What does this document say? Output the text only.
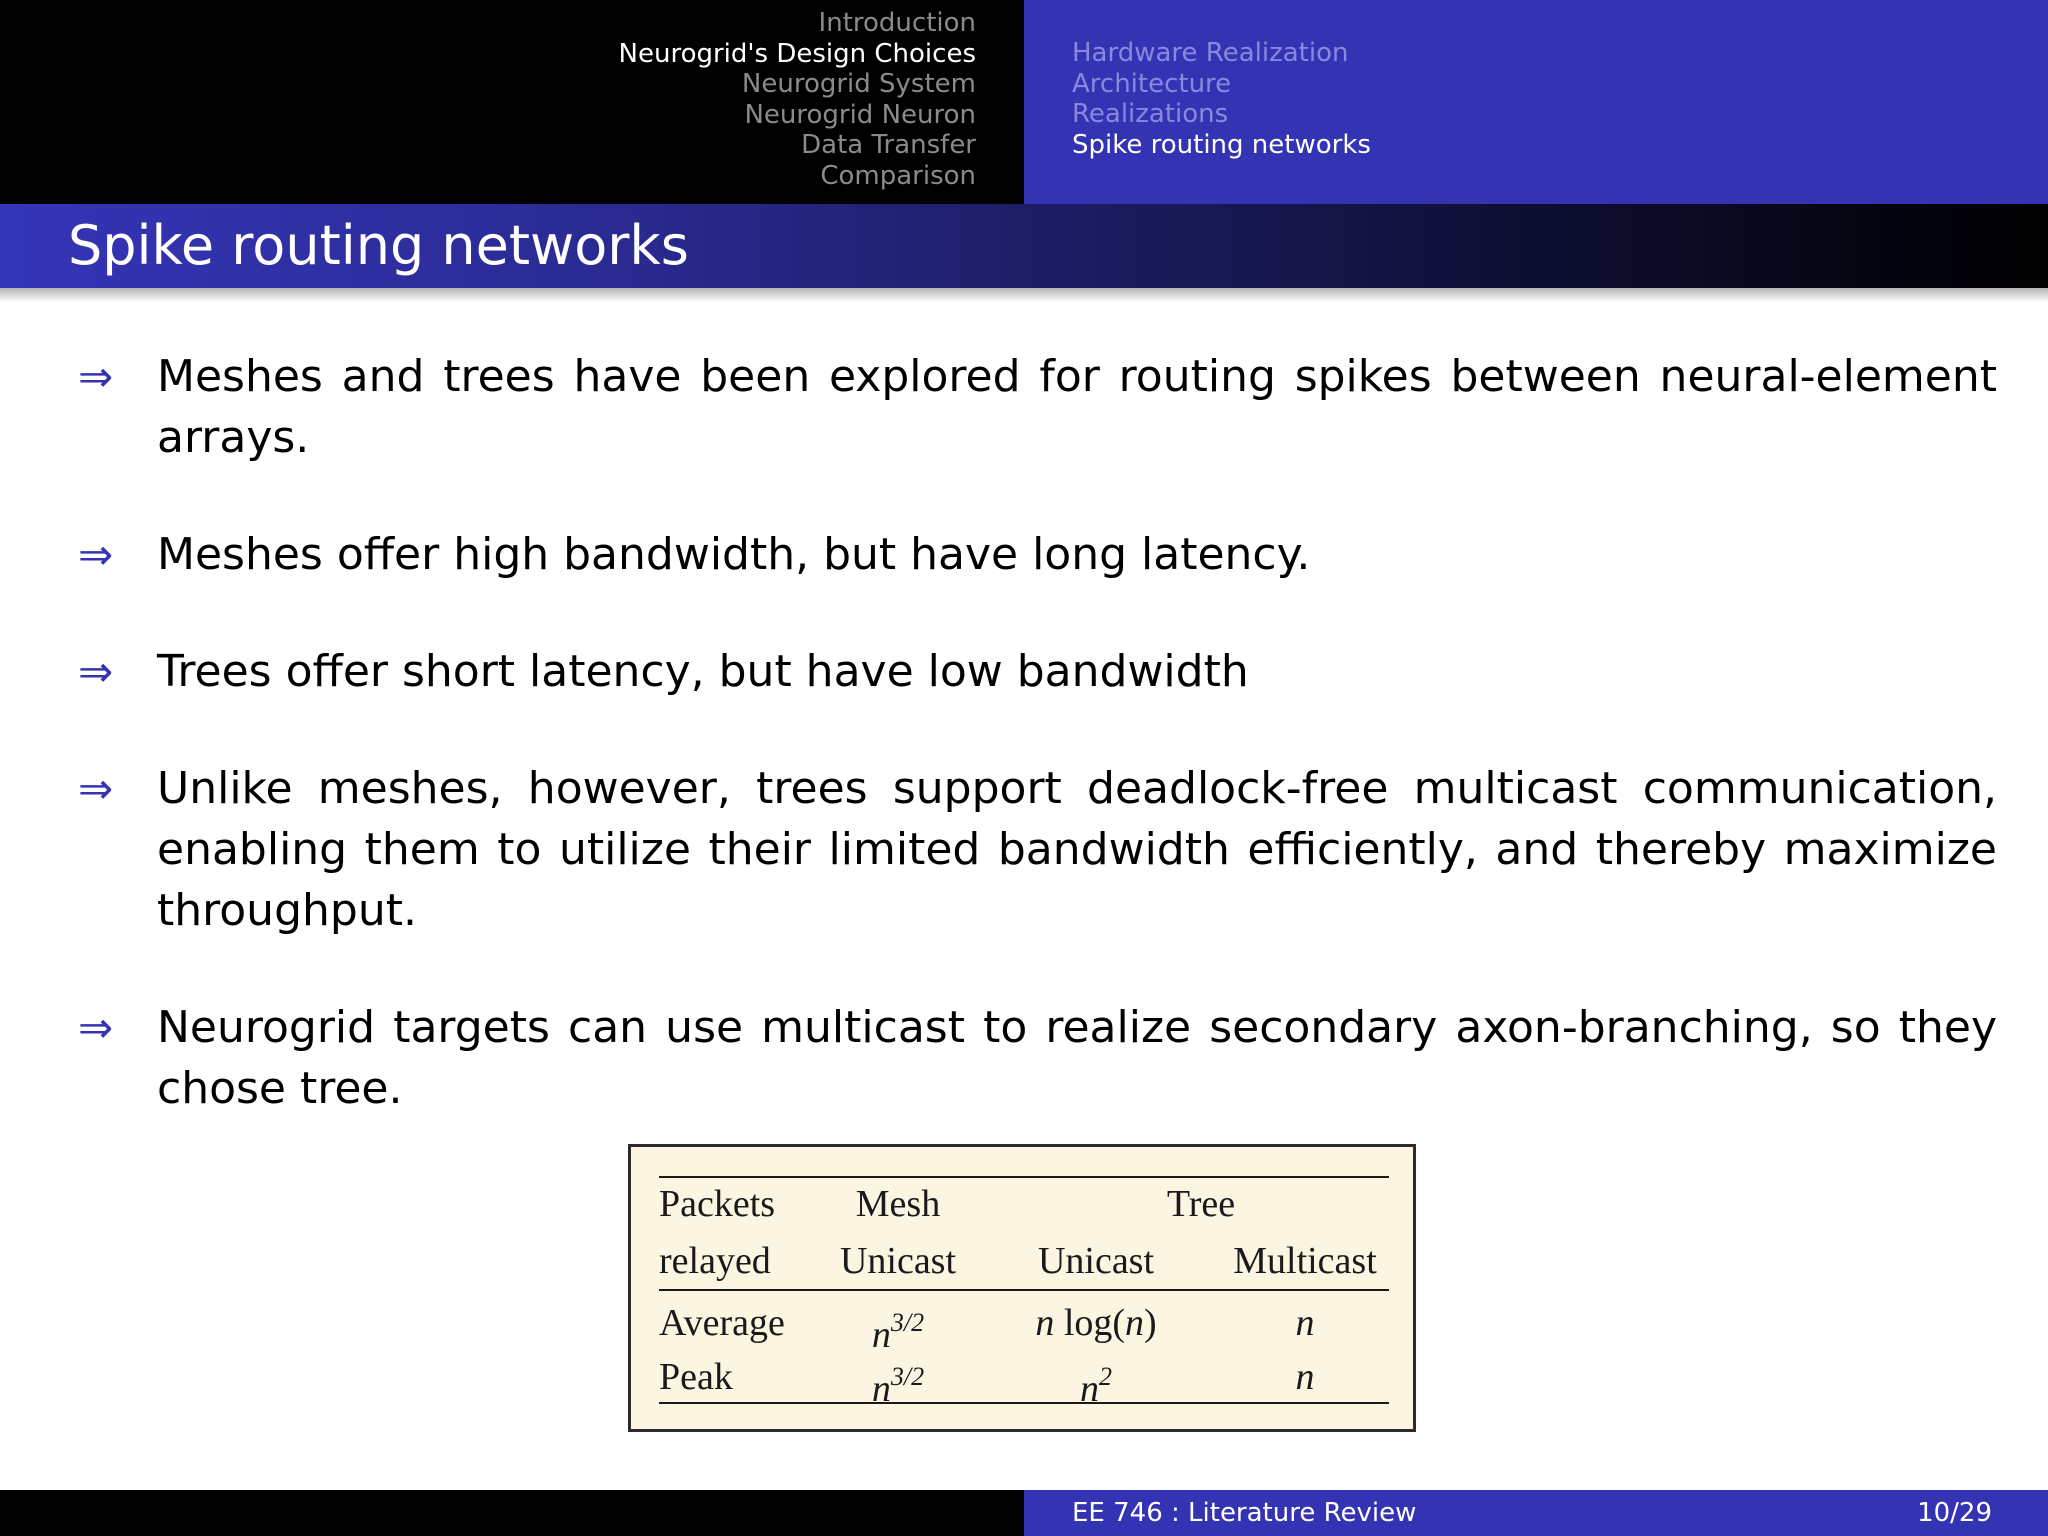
Introduction
Neurogrid's Design Choices
Neurogrid System
Neurogrid Neuron
Data Transfer
Comparison
Hardware Realization
Architecture
Realizations
Spike routing networks
Spike routing networks
⇒ Meshes and trees have been explored for routing spikes between neural-element arrays.
⇒ Meshes offer high bandwidth, but have long latency.
⇒ Trees offer short latency, but have low bandwidth
⇒ Unlike meshes, however, trees support deadlock-free multicast communication, enabling them to utilize their limited bandwidth efficiently, and thereby maximize throughput.
⇒ Neurogrid targets can use multicast to realize secondary axon-branching, so they chose tree.
Packets	Mesh	Tree
relayed	Unicast	Unicast	Multicast
Average	$n^{3/2}$	n log(n)	n
Peak	$n^{3/2}$	$n^2$	n
EE 746 : Literature Review	10/29
